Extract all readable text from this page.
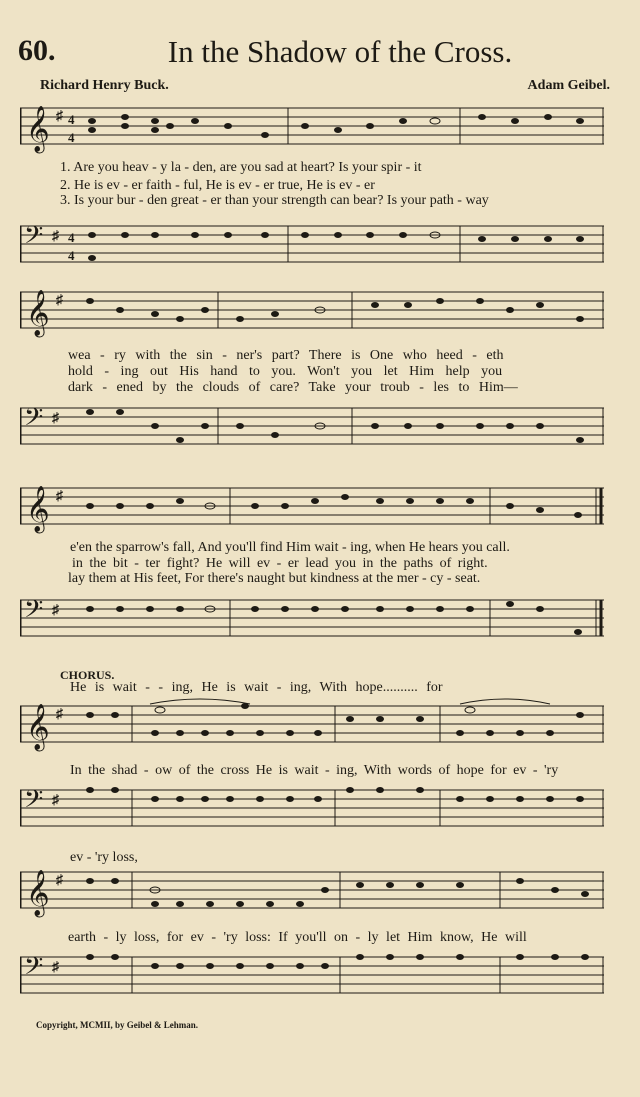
60.	In the Shadow of the Cross.
Richard Henry Buck.	Adam Geibel.
𝄞 ♯ 4
4
1. Are you heav - y la - den, are you sad at heart? Is your spir - it
2. He is ev - er faith - ful, He is ev - er true, He is ev - er
3. Is your bur - den great - er than your strength can bear? Is your path - way
𝄢 ♯ 4
4
𝄞 ♯
wea - ry with the sin - ner's part? There is One who heed - eth
hold - ing out His hand to you. Won't you let Him help you
dark - ened by the clouds of care? Take your troub - les to Him—
𝄢 ♯
𝄞 ♯
e'en the sparrow's fall, And you'll find Him wait - ing, when He hears you call.
in the bit - ter fight? He will ev - er lead you in the paths of right.
lay them at His feet, For there's naught but kindness at the mer - cy - seat.
𝄢 ♯
CHORUS.
He is wait - - ing, He is wait - ing, With hope.......... for
𝄞 ♯
In the shad - ow of the cross He is wait - ing, With words of hope for ev - 'ry
𝄢 ♯
ev - 'ry loss,
𝄞 ♯
earth - ly loss, for ev - 'ry loss: If you'll on - ly let Him know, He will
𝄢 ♯
Copyright, MCMII, by Geibel & Lehman.
